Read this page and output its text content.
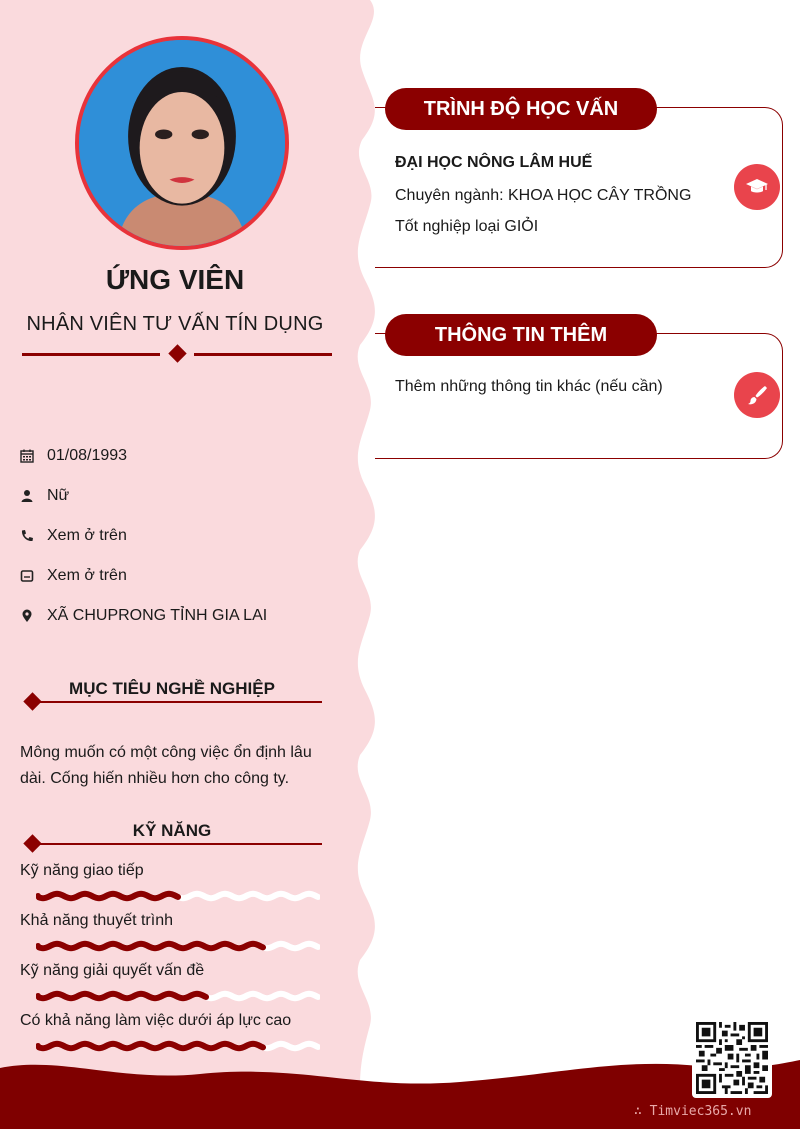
ỨNG VIÊN
NHÂN VIÊN TƯ VẤN TÍN DỤNG
01/08/1993
Nữ
Xem ở trên
Xem ở trên
XÃ CHUPRONG TỈNH GIA LAI
MỤC TIÊU NGHỀ NGHIỆP
Mông muốn có một công việc ổn định lâu dài. Cống hiến nhiều hơn cho công ty.
KỸ NĂNG
Kỹ năng giao tiếp
Khả năng thuyết trình
Kỹ năng giải quyết vấn đề
Có khả năng làm việc dưới áp lực cao
TRÌNH ĐỘ HỌC VẤN
ĐẠI HỌC NÔNG LÂM HUẾ
Chuyên ngành: KHOA HỌC CÂY TRỒNG
Tốt nghiệp loại GIỎI
THÔNG TIN THÊM
Thêm những thông tin khác (nếu cần)
∴ Timviec365.vn
